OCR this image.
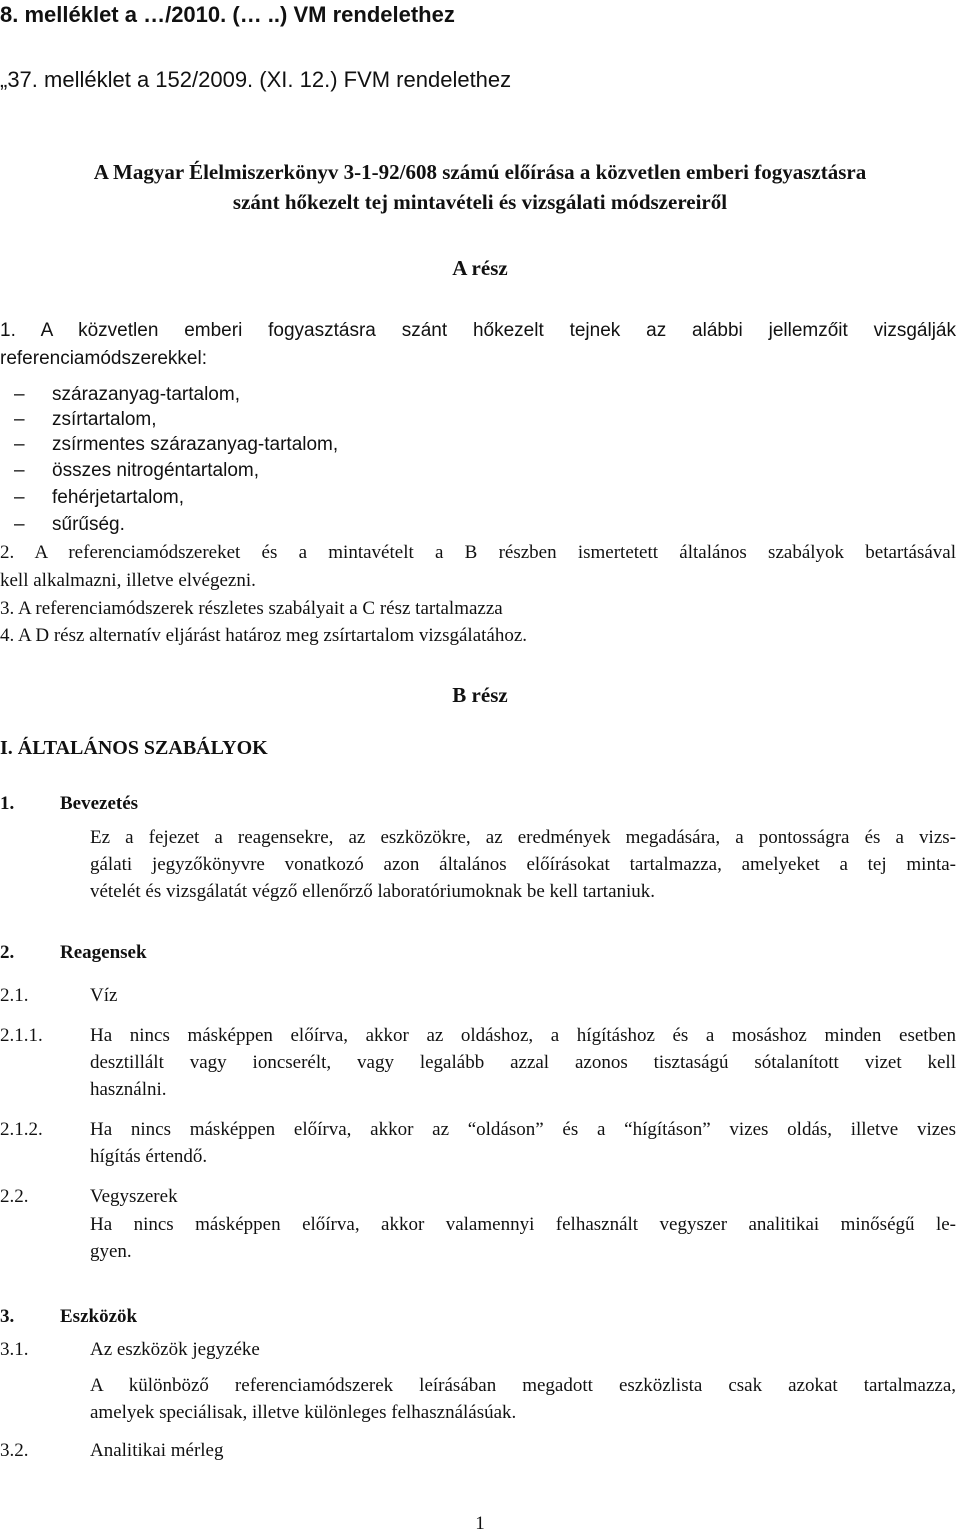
8. melléklet a …/2010. (… ..) VM rendelethez
„37. melléklet a 152/2009. (XI. 12.) FVM rendelethez
A Magyar Élelmiszerkönyv 3-1-92/608 számú előírása a közvetlen emberi fogyasztásra
szánt hőkezelt tej mintavételi és vizsgálati módszereiről
A rész
1. A közvetlen emberi fogyasztásra szánt hőkezelt tejnek az alábbi jellemzőit vizsgálják
referenciamódszerekkel:
– szárazanyag-tartalom,
– zsírtartalom,
– zsírmentes szárazanyag-tartalom,
– összes nitrogéntartalom,
– fehérjetartalom,
– sűrűség.
2. A referenciamódszereket és a mintavételt a B részben ismertetett általános szabályok betartásával
kell alkalmazni, illetve elvégezni.
3. A referenciamódszerek részletes szabályait a C rész tartalmazza
4. A D rész alternatív eljárást határoz meg zsírtartalom vizsgálatához.
B rész
I. ÁLTALÁNOS SZABÁLYOK
1. Bevezetés
Ez a fejezet a reagensekre, az eszközökre, az eredmények megadására, a pontosságra és a vizs-
gálati jegyzőkönyvre vonatkozó azon általános előírásokat tartalmazza, amelyeket a tej minta-
vételét és vizsgálatát végző ellenőrző laboratóriumoknak be kell tartaniuk.
2. Reagensek
2.1.	Víz
2.1.1. Ha nincs másképpen előírva, akkor az oldáshoz, a hígításhoz és a mosáshoz minden esetben
desztillált vagy ioncserélt, vagy legalább azzal azonos tisztaságú sótalanított vizet kell
használni.
2.1.2. Ha nincs másképpen előírva, akkor az “oldáson” és a “hígításon” vizes oldás, illetve vizes
hígítás értendő.
2.2.	Vegyszerek
Ha nincs másképpen előírva, akkor valamennyi felhasznált vegyszer analitikai minőségű le-
gyen.
3. Eszközök
3.1.	Az eszközök jegyzéke
A különböző referenciamódszerek leírásában megadott eszközlista csak azokat tartalmazza,
amelyek speciálisak, illetve különleges felhasználásúak.
3.2.	Analitikai mérleg
1
